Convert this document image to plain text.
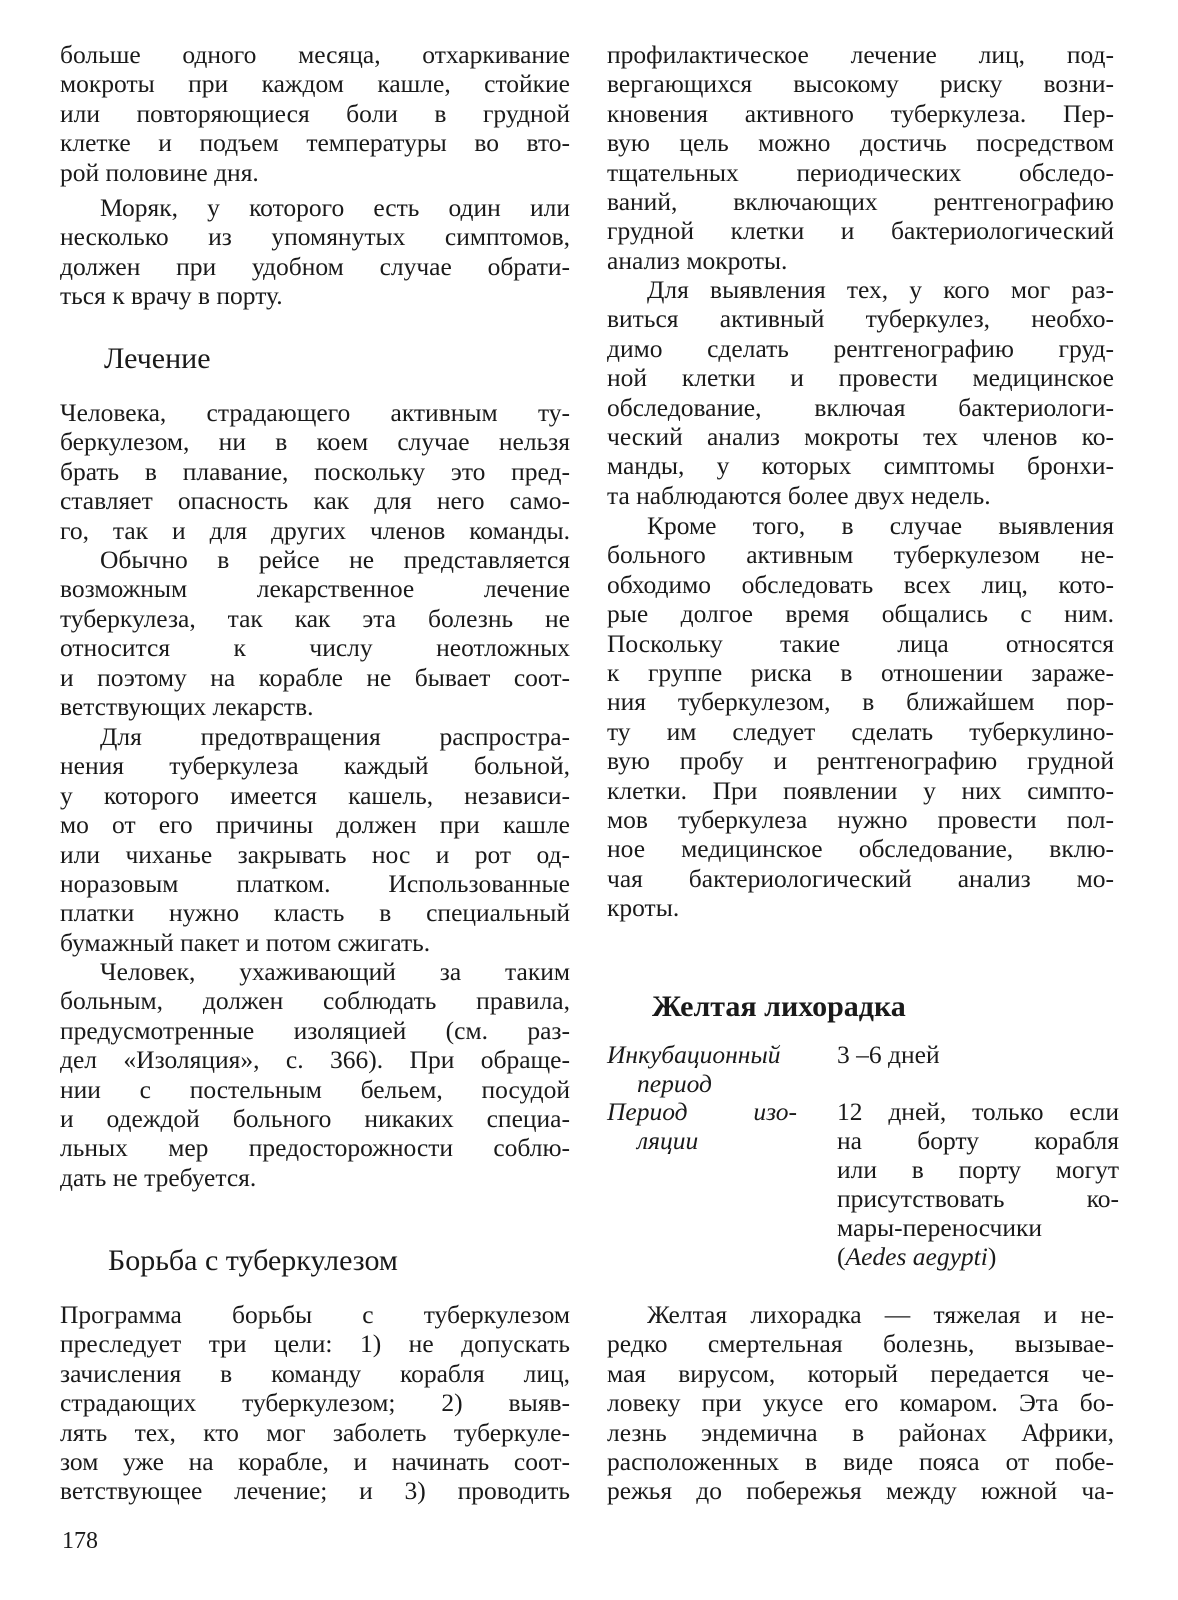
больше одного месяца, отхаркивание
мокроты при каждом кашле, стойкие
или повторяющиеся боли в грудной
клетке и подъем температуры во вто-
рой половине дня.
Моряк, у которого есть один или
несколько из упомянутых симптомов,
должен при удобном случае обрати-
ться к врачу в порту.
Лечение
Человека, страдающего активным ту-
беркулезом, ни в коем случае нельзя
брать в плавание, поскольку это пред-
ставляет опасность как для него само-
го, так и для других членов команды.
Обычно в рейсе не представляется
возможным лекарственное лечение
туберкулеза, так как эта болезнь не
относится к числу неотложных
и поэтому на корабле не бывает соот-
ветствующих лекарств.
Для предотвращения распростра-
нения туберкулеза каждый больной,
у которого имеется кашель, независи-
мо от его причины должен при кашле
или чиханье закрывать нос и рот од-
норазовым платком. Использованные
платки нужно класть в специальный
бумажный пакет и потом сжигать.
Человек, ухаживающий за таким
больным, должен соблюдать правила,
предусмотренные изоляцией (см. раз-
дел «Изоляция», с. 366). При обраще-
нии с постельным бельем, посудой
и одеждой больного никаких специа-
льных мер предосторожности соблю-
дать не требуется.
Борьба с туберкулезом
Программа борьбы с туберкулезом
преследует три цели: 1) не допускать
зачисления в команду корабля лиц,
страдающих туберкулезом; 2) выяв-
лять тех, кто мог заболеть туберкуле-
зом уже на корабле, и начинать соот-
ветствующее лечение; и 3) проводить
профилактическое лечение лиц, под-
вергающихся высокому риску возни-
кновения активного туберкулеза. Пер-
вую цель можно достичь посредством
тщательных периодических обследо-
ваний, включающих рентгенографию
грудной клетки и бактериологический
анализ мокроты.
Для выявления тех, у кого мог раз-
виться активный туберкулез, необхо-
димо сделать рентгенографию груд-
ной клетки и провести медицинское
обследование, включая бактериологи-
ческий анализ мокроты тех членов ко-
манды, у которых симптомы бронхи-
та наблюдаются более двух недель.
Кроме того, в случае выявления
больного активным туберкулезом не-
обходимо обследовать всех лиц, кото-
рые долгое время общались с ним.
Поскольку такие лица относятся
к группе риска в отношении зараже-
ния туберкулезом, в ближайшем пор-
ту им следует сделать туберкулино-
вую пробу и рентгенографию грудной
клетки. При появлении у них симпто-
мов туберкулеза нужно провести пол-
ное медицинское обследование, вклю-
чая бактериологический анализ мо-
кроты.
Желтая лихорадка
Инкубационный
период
3 –6 дней
Период изо-
ляции
12 дней, только если
на борту корабля
или в порту могут
присутствовать ко-
мары-переносчики
(Aedes aegypti)
Желтая лихорадка — тяжелая и не-
редко смертельная болезнь, вызывае-
мая вирусом, который передается че-
ловеку при укусе его комаром. Эта бо-
лезнь эндемична в районах Африки,
расположенных в виде пояса от побе-
режья до побережья между южной ча-
178
